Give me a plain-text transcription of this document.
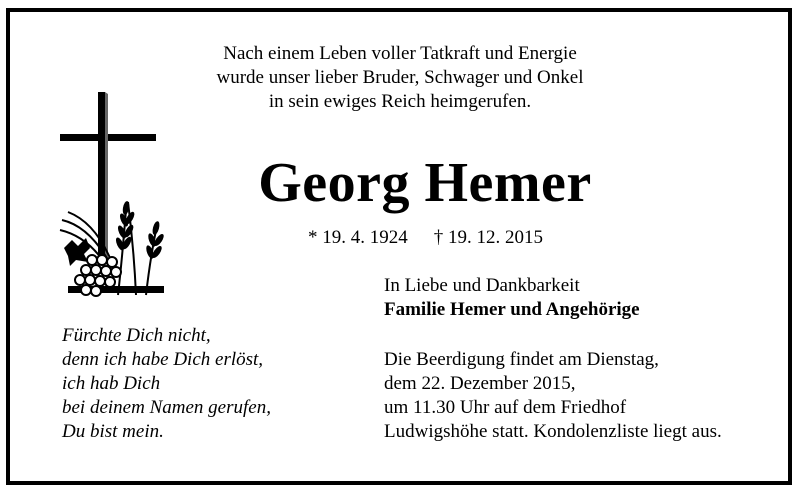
Nach einem Leben voller Tatkraft und Energie
wurde unser lieber Bruder, Schwager und Onkel
in sein ewiges Reich heimgerufen.
Georg Hemer
* 19. 4. 1924 † 19. 12. 2015
In Liebe und Dankbarkeit
Familie Hemer und Angehörige
Die Beerdigung findet am Dienstag,
dem 22. Dezember 2015,
um 11.30 Uhr auf dem Friedhof
Ludwigshöhe statt. Kondolenzliste liegt aus.
Fürchte Dich nicht,
denn ich habe Dich erlöst,
ich hab Dich
bei deinem Namen gerufen,
Du bist mein.
